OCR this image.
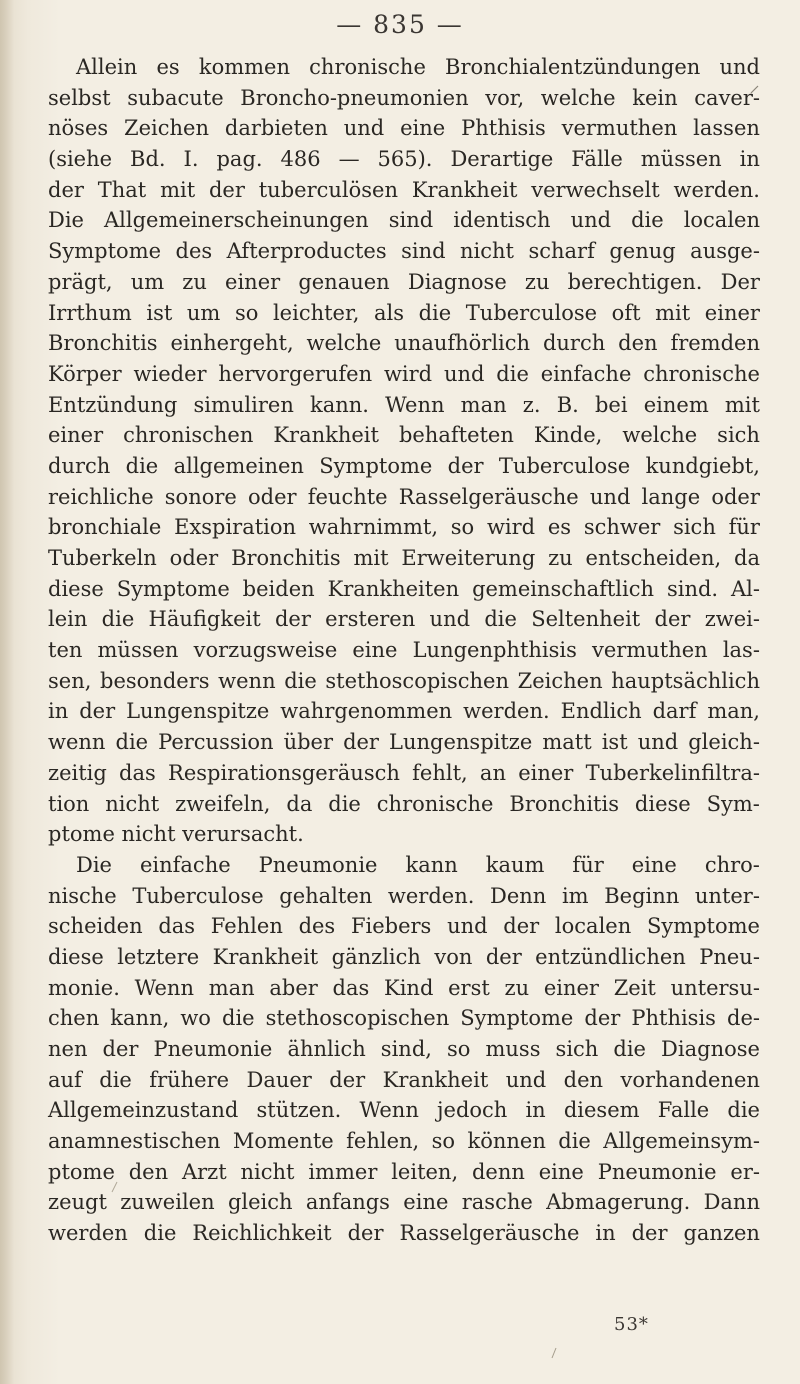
— 835 —
Allein es kommen chronische Bronchialentzündungen und
selbst subacute Broncho-pneumonien vor, welche kein caver-
nöses Zeichen darbieten und eine Phthisis vermuthen lassen
(siehe Bd. I. pag. 486 — 565). Derartige Fälle müssen in
der That mit der tuberculösen Krankheit verwechselt werden.
Die Allgemeinerscheinungen sind identisch und die localen
Symptome des Afterproductes sind nicht scharf genug ausge-
prägt, um zu einer genauen Diagnose zu berechtigen. Der
Irrthum ist um so leichter, als die Tuberculose oft mit einer
Bronchitis einhergeht, welche unaufhörlich durch den fremden
Körper wieder hervorgerufen wird und die einfache chronische
Entzündung simuliren kann. Wenn man z. B. bei einem mit
einer chronischen Krankheit behafteten Kinde, welche sich
durch die allgemeinen Symptome der Tuberculose kundgiebt,
reichliche sonore oder feuchte Rasselgeräusche und lange oder
bronchiale Exspiration wahrnimmt, so wird es schwer sich für
Tuberkeln oder Bronchitis mit Erweiterung zu entscheiden, da
diese Symptome beiden Krankheiten gemeinschaftlich sind. Al-
lein die Häufigkeit der ersteren und die Seltenheit der zwei-
ten müssen vorzugsweise eine Lungenphthisis vermuthen las-
sen, besonders wenn die stethoscopischen Zeichen hauptsächlich
in der Lungenspitze wahrgenommen werden. Endlich darf man,
wenn die Percussion über der Lungenspitze matt ist und gleich-
zeitig das Respirationsgeräusch fehlt, an einer Tuberkelinfiltra-
tion nicht zweifeln, da die chronische Bronchitis diese Sym-
ptome nicht verursacht.
Die einfache Pneumonie kann kaum für eine chro-
nische Tuberculose gehalten werden. Denn im Beginn unter-
scheiden das Fehlen des Fiebers und der localen Symptome
diese letztere Krankheit gänzlich von der entzündlichen Pneu-
monie. Wenn man aber das Kind erst zu einer Zeit untersu-
chen kann, wo die stethoscopischen Symptome der Phthisis de-
nen der Pneumonie ähnlich sind, so muss sich die Diagnose
auf die frühere Dauer der Krankheit und den vorhandenen
Allgemeinzustand stützen. Wenn jedoch in diesem Falle die
anamnestischen Momente fehlen, so können die Allgemeinsym-
ptome den Arzt nicht immer leiten, denn eine Pneumonie er-
zeugt zuweilen gleich anfangs eine rasche Abmagerung. Dann
werden die Reichlichkeit der Rasselgeräusche in der ganzen
53*
